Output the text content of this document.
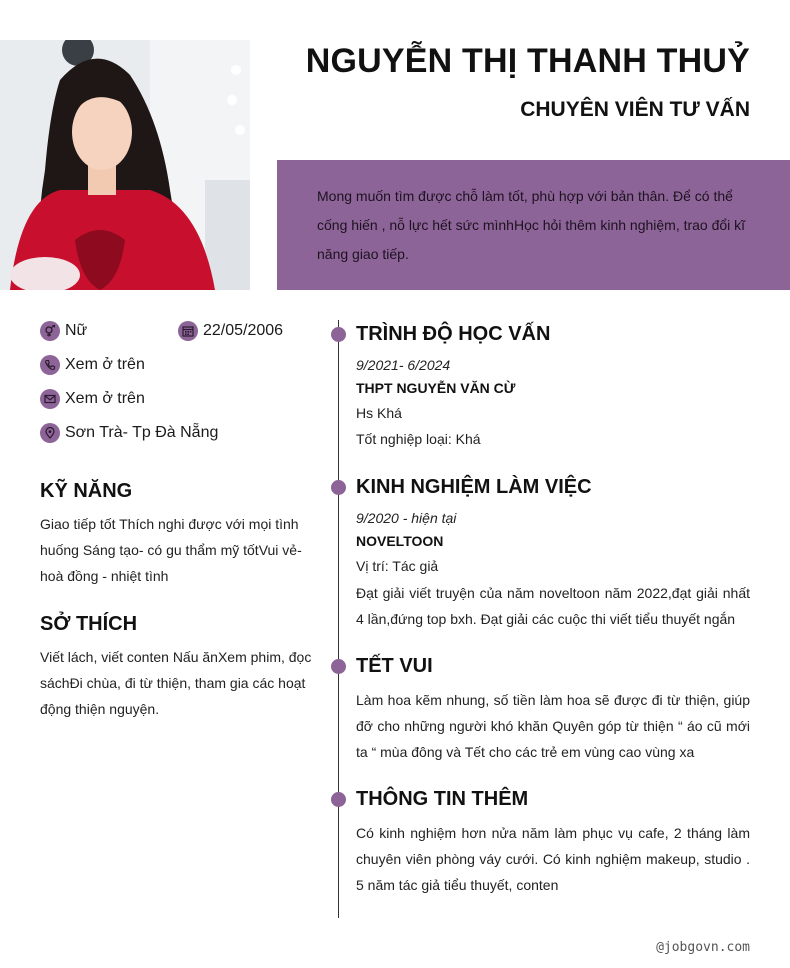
NGUYỄN THỊ THANH THUỶ
CHUYÊN VIÊN TƯ VẤN
Mong muốn tìm được chỗ làm tốt, phù hợp với bản thân. Để có thể cống hiến , nỗ lực hết sức mìnhHọc hỏi thêm kinh nghiệm, trao đổi kĩ năng giao tiếp.
Nữ	22/05/2006
Xem ở trên
Xem ở trên
Sơn Trà- Tp Đà Nẵng
KỸ NĂNG

Giao tiếp tốt Thích nghi được với mọi tình huống Sáng tạo- có gu thẩm mỹ tốtVui vẻ- hoà đồng - nhiệt tình

SỞ THÍCH

Viết lách, viết conten Nấu ănXem phim, đọc sáchĐi chùa, đi từ thiện, tham gia các hoạt động thiện nguyện.

TRÌNH ĐỘ HỌC VẤN
9/2021- 6/2024
THPT NGUYỄN VĂN CỪ
Hs Khá
Tốt nghiệp loại: Khá
KINH NGHIỆM LÀM VIỆC
9/2020 - hiện tại
NOVELTOON
Vị trí: Tác giả

Đạt giải viết truyện của năm noveltoon năm 2022,đạt giải nhất 4 lần,đứng top bxh. Đạt giải các cuộc thi viết tiểu thuyết ngắn

TẾT VUI

Làm hoa kẽm nhung, số tiền làm hoa sẽ được đi từ thiện, giúp đỡ cho những người khó khăn Quyên góp từ thiện “ áo cũ mới ta “ mùa đông và Tết cho các trẻ em vùng cao vùng xa

THÔNG TIN THÊM

Có kinh nghiệm hơn nửa năm làm phục vụ cafe, 2 tháng làm chuyên viên phòng váy cưới. Có kinh nghiệm makeup, studio . 5 năm tác giả tiểu thuyết, conten

@jobgovn.com
